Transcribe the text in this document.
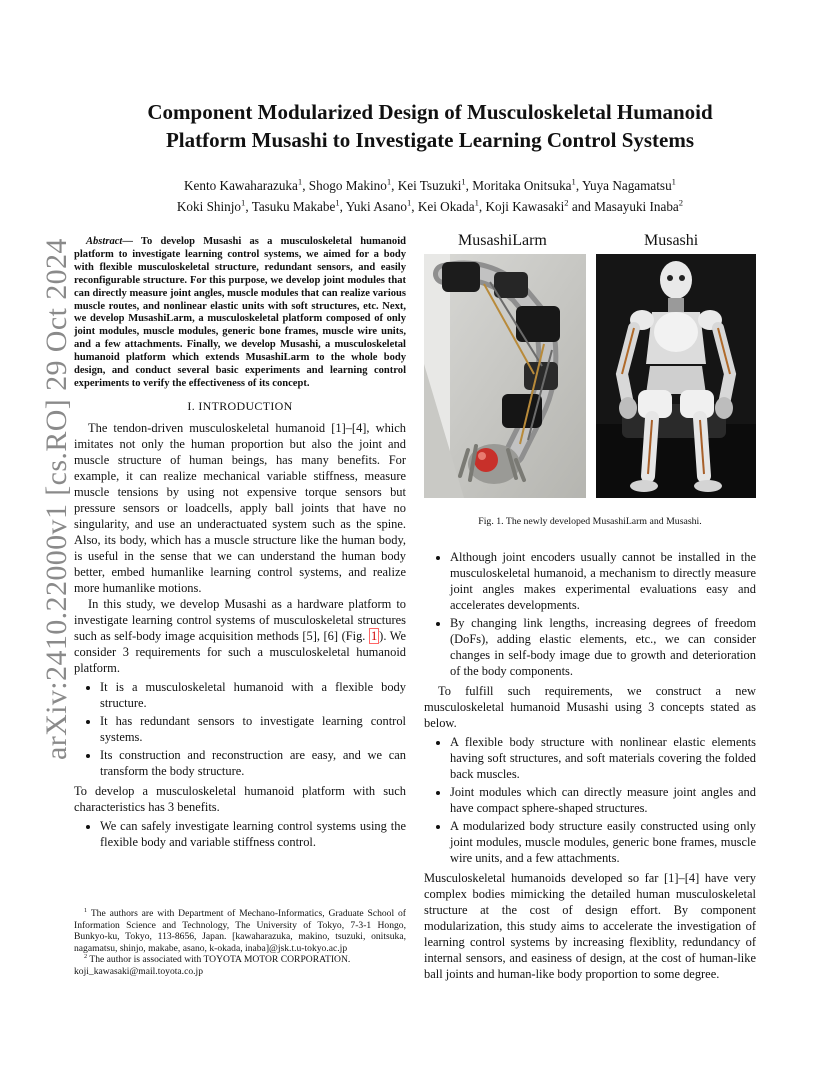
arXiv:2410.22000v1 [cs.RO] 29 Oct 2024
Component Modularized Design of Musculoskeletal Humanoid
Platform Musashi to Investigate Learning Control Systems
Kento Kawaharazuka$^1$, Shogo Makino$^1$, Kei Tsuzuki$^1$, Moritaka Onitsuka$^1$, Yuya Nagamatsu$^1$
Koki Shinjo$^1$, Tasuku Makabe$^1$, Yuki Asano$^1$, Kei Okada$^1$, Koji Kawasaki$^2$ and Masayuki Inaba$^2$

Abstract— To develop Musashi as a musculoskeletal humanoid platform to investigate learning control systems, we aimed for a body with flexible musculoskeletal structure, redundant sensors, and easily reconfigurable structure. For this purpose, we develop joint modules that can directly measure joint angles, muscle modules that can realize various muscle routes, and nonlinear elastic units with soft structures, etc. Next, we develop MusashiLarm, a musculoskeletal platform composed of only joint modules, muscle modules, generic bone frames, muscle wire units, and a few attachments. Finally, we develop Musashi, a musculoskeletal humanoid platform which extends MusashiLarm to the whole body design, and conduct several basic experiments and learning control experiments to verify the effectiveness of its concept.

I. INTRODUCTION

The tendon-driven musculoskeletal humanoid [1]–[4], which imitates not only the human proportion but also the joint and muscle structure of human beings, has many benefits. For example, it can realize mechanical variable stiffness, measure muscle tensions by using not expensive torque sensors but pressure sensors or loadcells, apply ball joints that have no singularity, and use an underactuated system such as the spine. Also, its body, which has a muscle structure like the human body, is useful in the sense that we can understand the human body better, embed humanlike learning control systems, and realize more humanlike motions.

In this study, we develop Musashi as a hardware platform to investigate learning control systems of musculoskeletal structures such as self-body image acquisition methods [5], [6] (Fig. 1 ). We consider 3 requirements for such a musculoskeletal humanoid platform.

• It is a musculoskeletal humanoid with a flexible body structure.
• It has redundant sensors to investigate learning control systems.
• Its construction and reconstruction are easy, and we can transform the body structure.

To develop a musculoskeletal humanoid platform with such characteristics has 3 benefits.

• We can safely investigate learning control systems using the flexible body and variable stiffness control.

$^1$ The authors are with Department of Mechano-Informatics, Graduate School of Information Science and Technology, The University of Tokyo, 7-3-1 Hongo, Bunkyo-ku, Tokyo, 113-8656, Japan. [kawaharazuka, makino, tsuzuki, onitsuka, nagamatsu, shinjo, makabe, asano, k-okada, inaba]@jsk.t.u-tokyo.ac.jp

$^2$ The author is associated with TOYOTA MOTOR CORPORATION.

koji_kawasaki@mail.toyota.co.jp
MusashiLarm	Musashi
Fig. 1. The newly developed MusashiLarm and Musashi.
• Although joint encoders usually cannot be installed in the musculoskeletal humanoid, a mechanism to directly measure joint angles makes experimental evaluations easy and accelerates developments.
• By changing link lengths, increasing degrees of freedom (DoFs), adding elastic elements, etc., we can consider changes in self-body image due to growth and deterioration of the body components.

To fulfill such requirements, we construct a new musculoskeletal humanoid Musashi using 3 concepts stated as below.

• A flexible body structure with nonlinear elastic elements having soft structures, and soft materials covering the folded back muscles.
• Joint modules which can directly measure joint angles and have compact sphere-shaped structures.
• A modularized body structure easily constructed using only joint modules, muscle modules, generic bone frames, muscle wire units, and a few attachments.

Musculoskeletal humanoids developed so far [1]–[4] have very complex bodies mimicking the detailed human musculoskeletal structure at the cost of design effort. By component modularization, this study aims to accelerate the investigation of learning control systems by increasing flexiblity, redundancy of internal sensors, and easiness of design, at the cost of human-like ball joints and human-like body proportion to some degree.
